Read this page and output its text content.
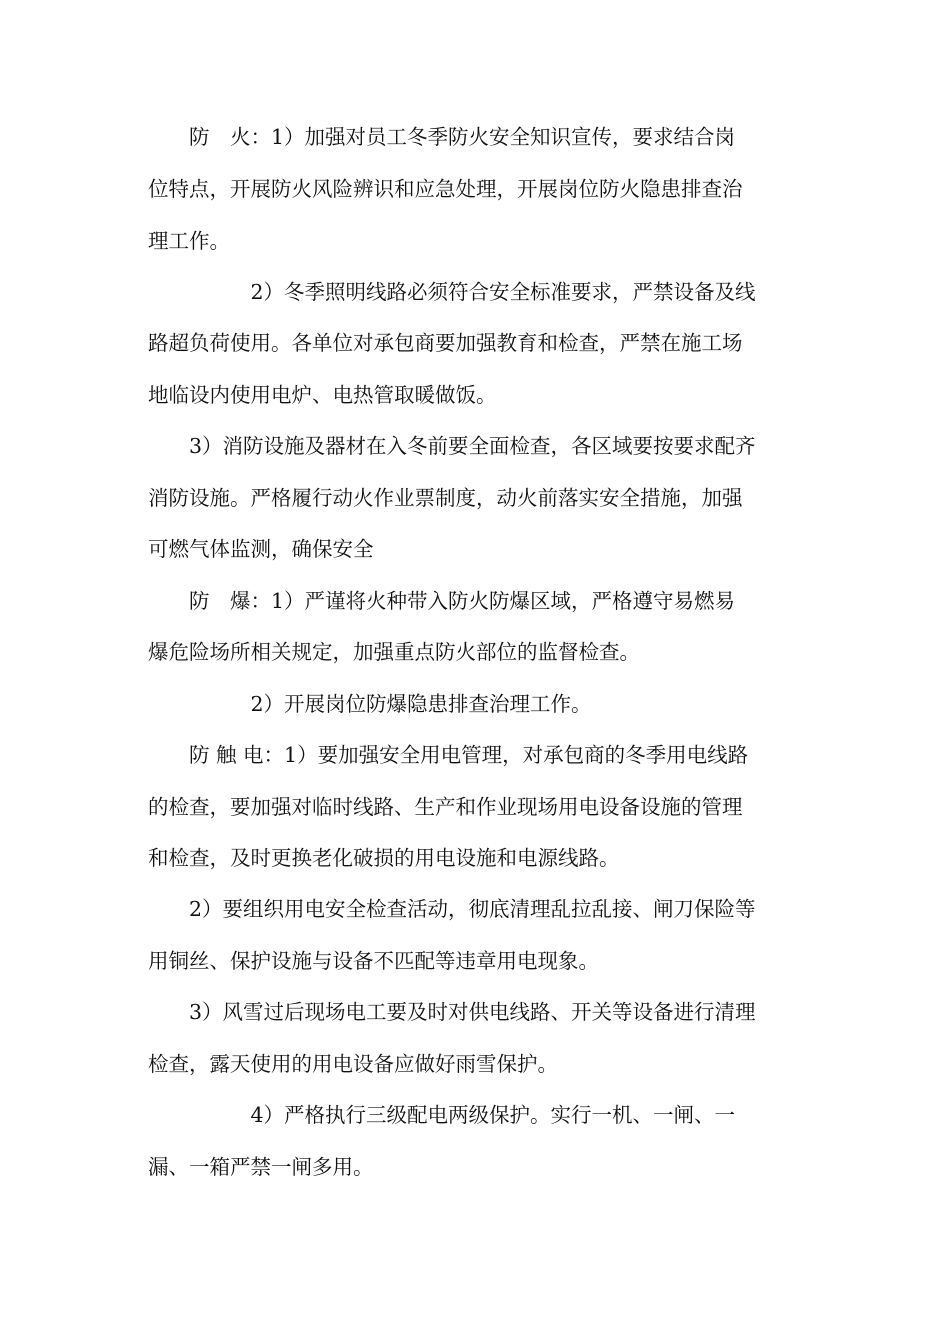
　　防　火：1）加强对员工冬季防火安全知识宣传，要求结合岗
位特点，开展防火风险辨识和应急处理，开展岗位防火隐患排查治
理工作。
　　　　　2）冬季照明线路必须符合安全标准要求，严禁设备及线
路超负荷使用。各单位对承包商要加强教育和检查，严禁在施工场
地临设内使用电炉、电热管取暖做饭。
　　3）消防设施及器材在入冬前要全面检查，各区域要按要求配齐
消防设施。严格履行动火作业票制度，动火前落实安全措施，加强
可燃气体监测，确保安全
　　防　爆：1）严谨将火种带入防火防爆区域，严格遵守易燃易
爆危险场所相关规定，加强重点防火部位的监督检查。
　　　　　2）开展岗位防爆隐患排查治理工作。
　　防 触 电：1）要加强安全用电管理，对承包商的冬季用电线路
的检查，要加强对临时线路、生产和作业现场用电设备设施的管理
和检查，及时更换老化破损的用电设施和电源线路。
　　2）要组织用电安全检查活动，彻底清理乱拉乱接、闸刀保险等
用铜丝、保护设施与设备不匹配等违章用电现象。
　　3）风雪过后现场电工要及时对供电线路、开关等设备进行清理
检查，露天使用的用电设备应做好雨雪保护。
　　　　　4）严格执行三级配电两级保护。实行一机、一闸、一
漏、一箱严禁一闸多用。
